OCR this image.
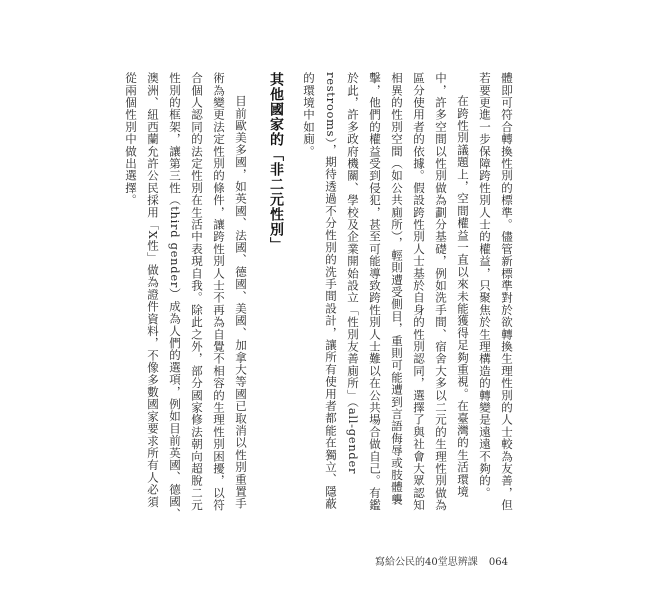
體即可符合轉換性別的標準。儘管新標準對於欲轉換生理性別的人士較為友善，但若要更進一步保障跨性別人士的權益，只聚焦於生理構造的轉變是遠遠不夠的。

在跨性別議題上，空間權益一直以來未能獲得足夠重視。在臺灣的生活環境中，許多空間以性別做為劃分基礎，例如洗手間、宿舍大多以二元的生理性別做為區分使用者的依據。假設跨性別人士基於自身的性別認同，選擇了與社會大眾認知相異的性別空間（如公共廁所），輕則遭受側目，重則可能遭到言語侮辱或肢體襲擊，他們的權益受到侵犯，甚至可能導致跨性別人士難以在公共場合做自己。有鑑於此，許多政府機關、學校及企業開始設立「性別友善廁所」（all-gender restrooms），期待透過不分性別的洗手間設計，讓所有使用者都能在獨立、隱蔽的環境中如廁。

其他國家的「非二元性別」

目前歐美多國，如英國、法國、德國、美國、加拿大等國已取消以性別重置手術為變更法定性別的條件，讓跨性別人士不再為自覺不相容的生理性別困擾，以符合個人認同的法定性別在生活中表現自我。除此之外，部分國家修法朝向超脫二元性別的框架，讓第三性（third gender）成為人們的選項，例如目前英國、德國、澳洲、紐西蘭允許公民採用「X性」做為證件資料，不像多數國家要求所有人必須從兩個性別中做出選擇。

寫給公民的40堂思辨課 064
